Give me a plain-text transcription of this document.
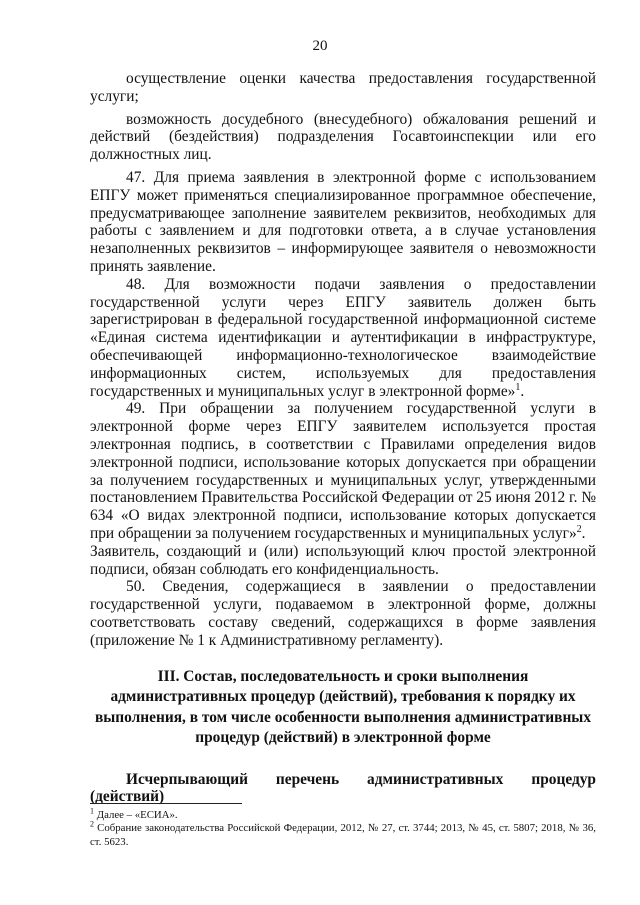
20

осуществление оценки качества предоставления государственной услуги;

возможность досудебного (внесудебного) обжалования решений и действий (бездействия) подразделения Госавтоинспекции или его должностных лиц.

47. Для приема заявления в электронной форме с использованием ЕПГУ может применяться специализированное программное обеспечение, предусматривающее заполнение заявителем реквизитов, необходимых для работы с заявлением и для подготовки ответа, а в случае установления незаполненных реквизитов – информирующее заявителя о невозможности принять заявление.

48. Для возможности подачи заявления о предоставлении государственной услуги через ЕПГУ заявитель должен быть зарегистрирован в федеральной государственной информационной системе «Единая система идентификации и аутентификации в инфраструктуре, обеспечивающей информационно-технологическое взаимодействие информационных систем, используемых для предоставления государственных и муниципальных услуг в электронной форме»$^1$.

49. При обращении за получением государственной услуги в электронной форме через ЕПГУ заявителем используется простая электронная подпись, в соответствии с Правилами определения видов электронной подписи, использование которых допускается при обращении за получением государственных и муниципальных услуг, утвержденными постановлением Правительства Российской Федерации от 25 июня 2012 г. № 634 «О видах электронной подписи, использование которых допускается при обращении за получением государственных и муниципальных услуг»$^2$.

Заявитель, создающий и (или) использующий ключ простой электронной подписи, обязан соблюдать его конфиденциальность.

50. Сведения, содержащиеся в заявлении о предоставлении государственной услуги, подаваемом в электронной форме, должны соответствовать составу сведений, содержащихся в форме заявления (приложение № 1 к Административному регламенту).

III. Состав, последовательность и сроки выполнения административных процедур (действий), требования к порядку их выполнения, в том числе особенности выполнения административных процедур (действий) в электронной форме

Исчерпывающий перечень административных процедур (действий)

$^1$ Далее – «ЕСИА».

$^2$ Собрание законодательства Российской Федерации, 2012, № 27, ст. 3744; 2013, № 45, ст. 5807; 2018, № 36, ст. 5623.
